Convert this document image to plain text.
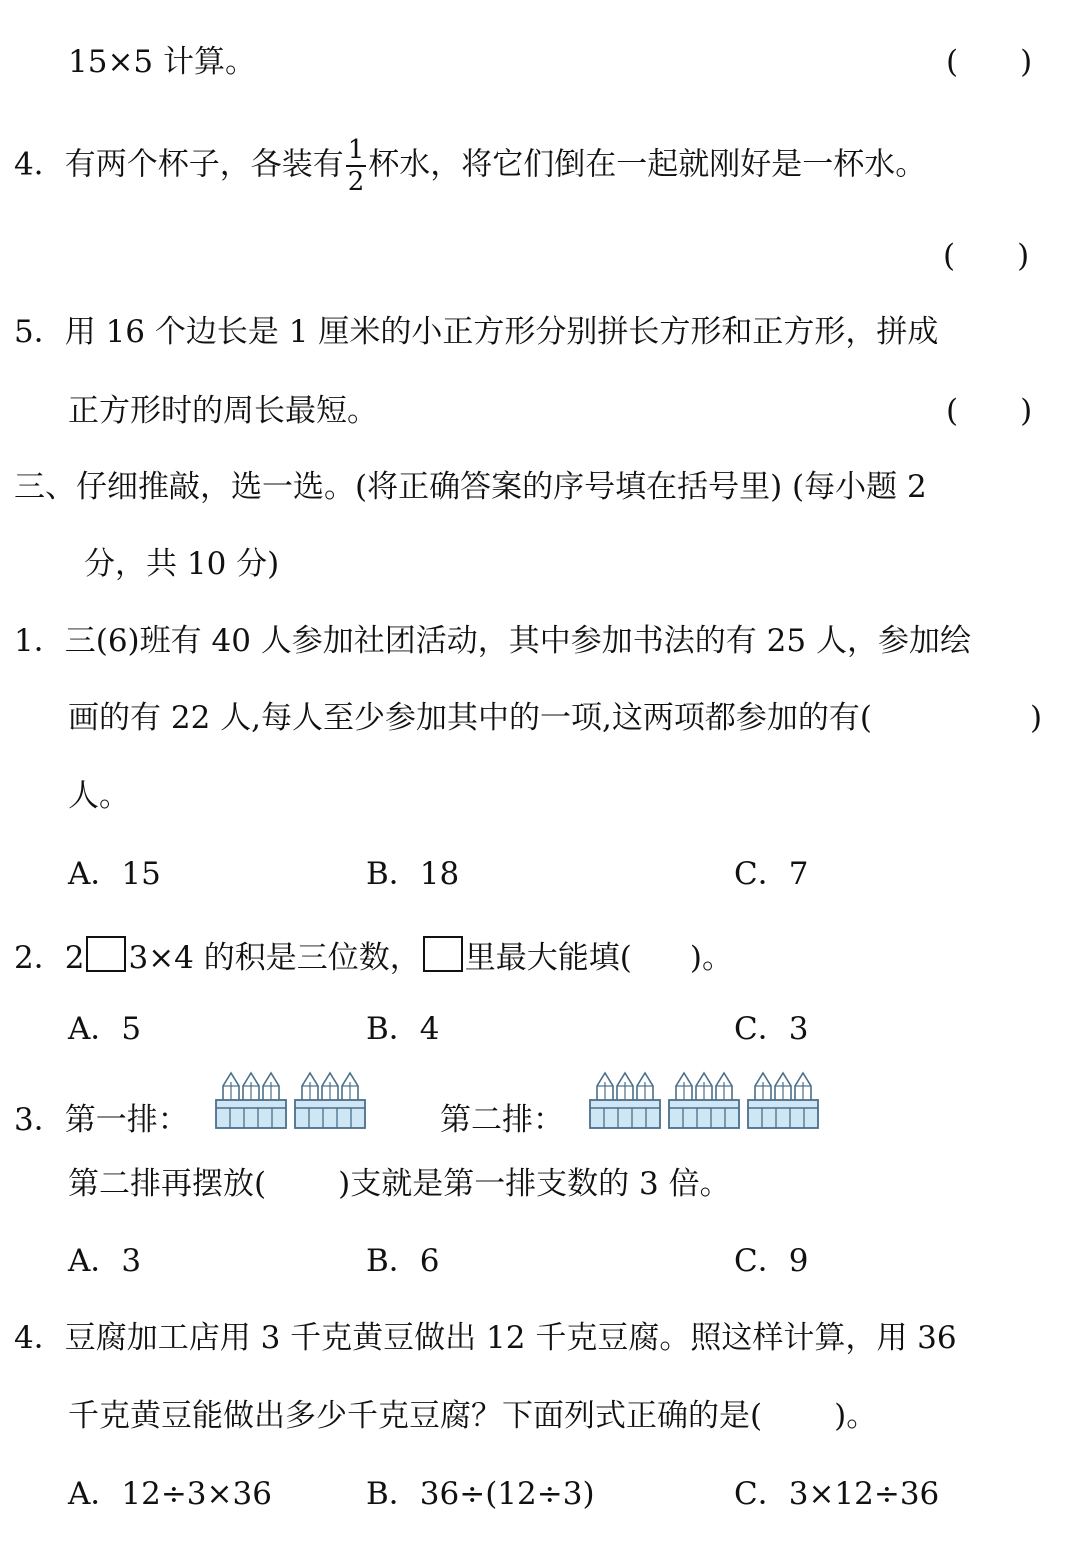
15×5 计算。	(　　)
4．有两个杯子，各装有 $\frac{1}{2}$ 杯水，将它们倒在一起就刚好是一杯水。
(　　)
5．用 16 个边长是 1 厘米的小正方形分别拼长方形和正方形，拼成
正方形时的周长最短。	(　　)
三、仔细推敲，选一选。(将正确答案的序号填在括号里) (每小题 2
分，共 10 分)
1．三(6)班有 40 人参加社团活动，其中参加书法的有 25 人，参加绘
画的有 22 人,每人至少参加其中的一项,这两项都参加的有(	)
人。
A．15	B．18	C．7
2．2 3×4 的积是三位数， 里最大能填( )。
A．5	B．4	C．3
3．第一排：	第二排：
第二排再摆放( )支就是第一排支数的 3 倍。
A．3	B．6	C．9
4．豆腐加工店用 3 千克黄豆做出 12 千克豆腐。照这样计算，用 36
千克黄豆能做出多少千克豆腐？下面列式正确的是( )。
A．12÷3×36	B．36÷(12÷3)	C．3×12÷36
